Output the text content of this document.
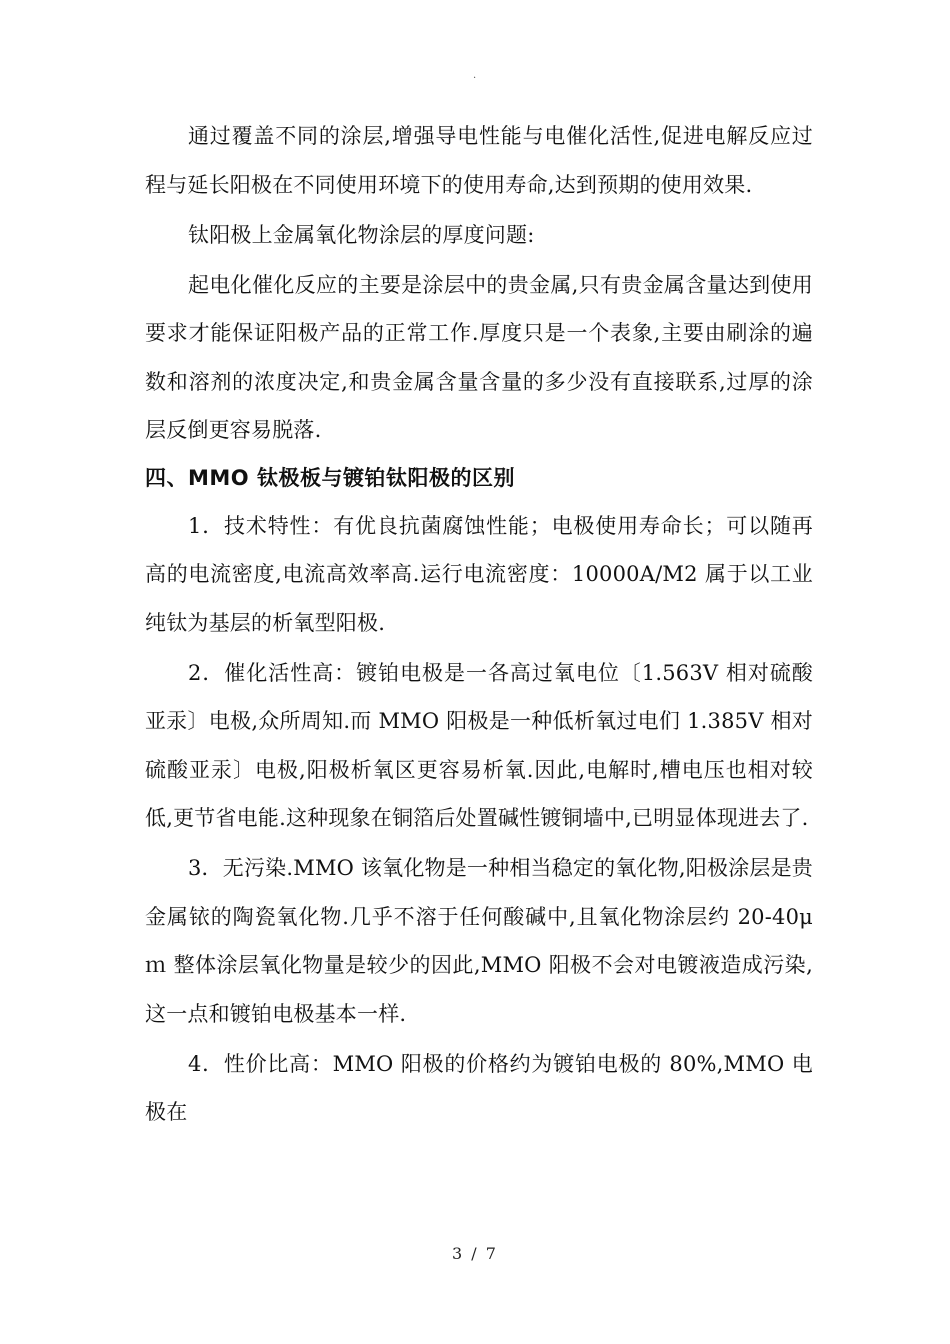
.

通过覆盖不同的涂层,增强导电性能与电催化活性,促进电解反应过程与延长阳极在不同使用环境下的使用寿命,达到预期的使用效果.

钛阳极上金属氧化物涂层的厚度问题:

起电化催化反应的主要是涂层中的贵金属,只有贵金属含量达到使用要求才能保证阳极产品的正常工作.厚度只是一个表象,主要由刷涂的遍数和溶剂的浓度决定,和贵金属含量含量的多少没有直接联系,过厚的涂层反倒更容易脱落.

四、MMO 钛极板与镀铂钛阳极的区别

1．技术特性：有优良抗菌腐蚀性能；电极使用寿命长；可以随再高的电流密度,电流高效率高.运行电流密度：10000A/M2 属于以工业纯钛为基层的析氧型阳极.

2．催化活性高：镀铂电极是一各高过氧电位〔1.563V 相对硫酸亚汞〕电极,众所周知.而 MMO 阳极是一种低析氧过电们 1.385V 相对硫酸亚汞〕电极,阳极析氧区更容易析氧.因此,电解时,槽电压也相对较低,更节省电能.这种现象在铜箔后处置碱性镀铜墙中,已明显体现进去了.

3．无污染.MMO 该氧化物是一种相当稳定的氧化物,阳极涂层是贵金属铱的陶瓷氧化物.几乎不溶于任何酸碱中,且氧化物涂层约 20-40μｍ 整体涂层氧化物量是较少的因此,MMO 阳极不会对电镀液造成污染,这一点和镀铂电极基本一样.

4．性价比高：MMO 阳极的价格约为镀铂电极的 80%,MMO 电极在

3 / 7
